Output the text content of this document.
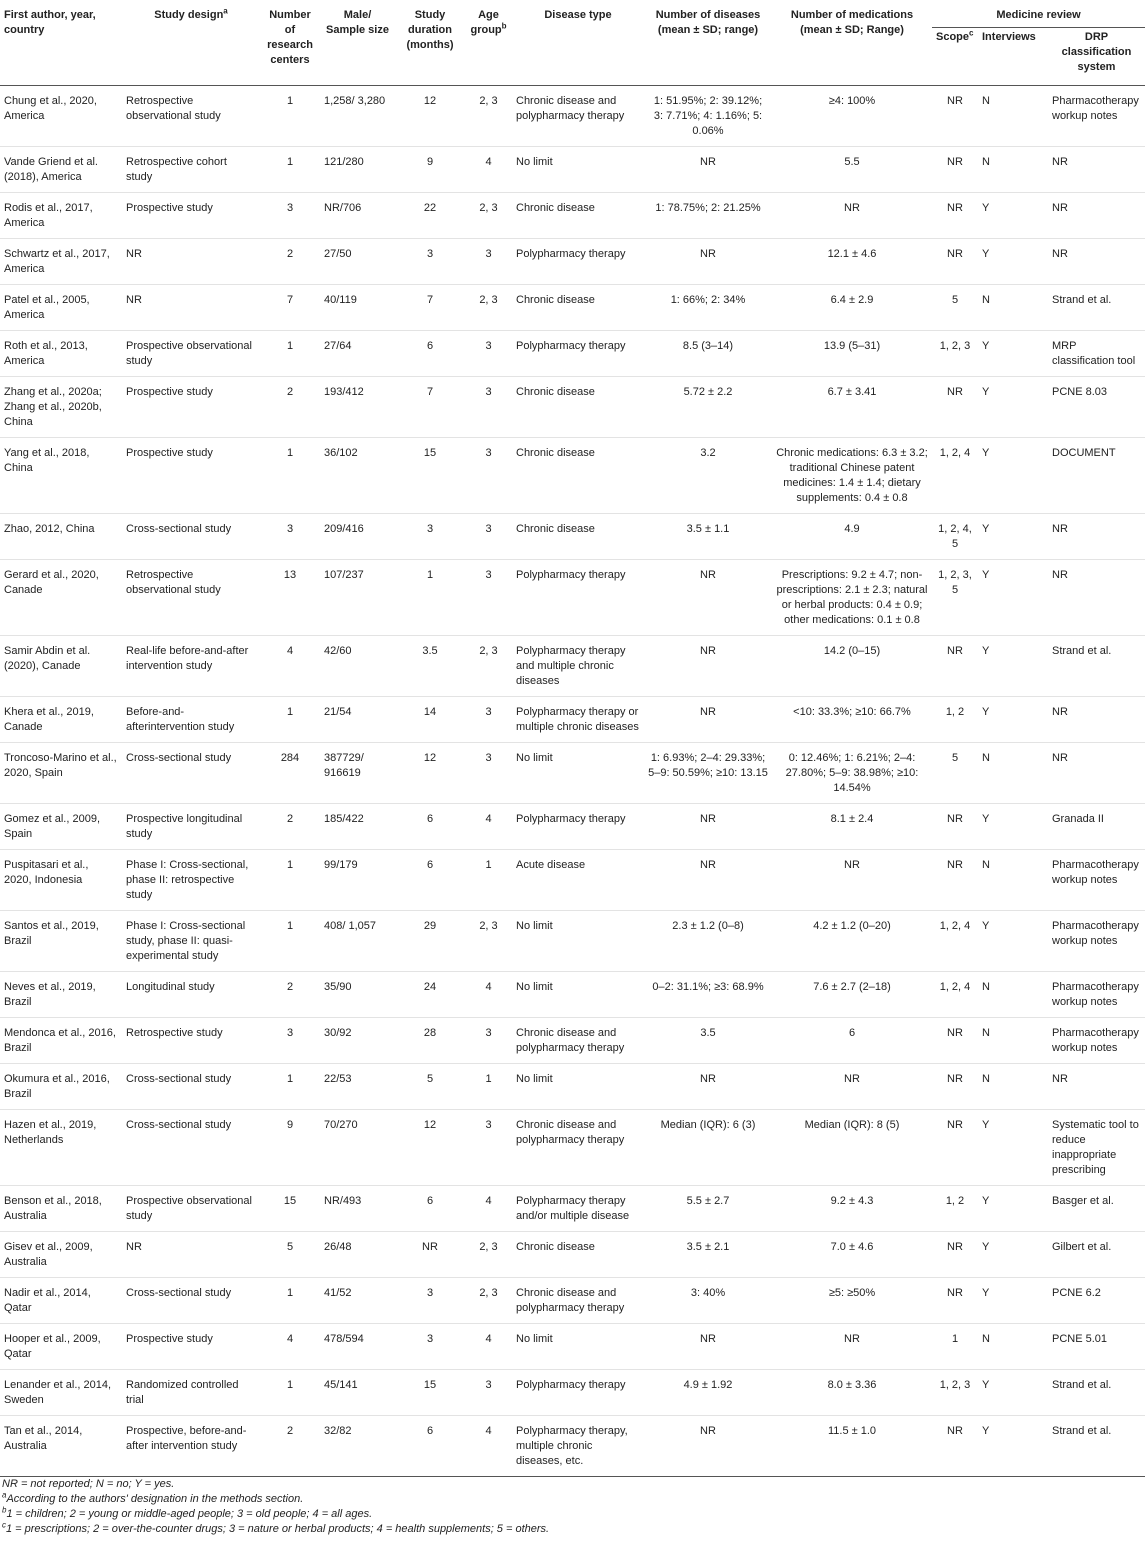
First author, year, country	Study design$^a$	Number of research centers	Male/ Sample size	Study duration (months)	Age group$^b$	Disease type	Number of diseases (mean ± SD; range)	Number of medications (mean ± SD; Range)	Medicine review		
									Scope$^c$	Interviews	DRP classification system
Chung et al., 2020, America	Retrospective observational study	1	1,258/ 3,280	12	2, 3	Chronic disease and polypharmacy therapy	1: 51.95%; 2: 39.12%; 3: 7.71%; 4: 1.16%; 5: 0.06%	≥4: 100%	NR	N	Pharmacotherapy workup notes
Vande Griend et al. (2018), America	Retrospective cohort study	1	121/280	9	4	No limit	NR	5.5	NR	N	NR
Rodis et al., 2017, America	Prospective study	3	NR/706	22	2, 3	Chronic disease	1: 78.75%; 2: 21.25%	NR	NR	Y	NR
Schwartz et al., 2017, America	NR	2	27/50	3	3	Polypharmacy therapy	NR	12.1 ± 4.6	NR	Y	NR
Patel et al., 2005, America	NR	7	40/119	7	2, 3	Chronic disease	1: 66%; 2: 34%	6.4 ± 2.9	5	N	Strand et al.
Roth et al., 2013, America	Prospective observational study	1	27/64	6	3	Polypharmacy therapy	8.5 (3–14)	13.9 (5–31)	1, 2, 3	Y	MRP classification tool
Zhang et al., 2020a; Zhang et al., 2020b, China	Prospective study	2	193/412	7	3	Chronic disease	5.72 ± 2.2	6.7 ± 3.41	NR	Y	PCNE 8.03
Yang et al., 2018, China	Prospective study	1	36/102	15	3	Chronic disease	3.2	Chronic medications: 6.3 ± 3.2; traditional Chinese patent medicines: 1.4 ± 1.4; dietary supplements: 0.4 ± 0.8	1, 2, 4	Y	DOCUMENT
Zhao, 2012, China	Cross-sectional study	3	209/416	3	3	Chronic disease	3.5 ± 1.1	4.9	1, 2, 4, 5	Y	NR
Gerard et al., 2020, Canade	Retrospective observational study	13	107/237	1	3	Polypharmacy therapy	NR	Prescriptions: 9.2 ± 4.7; non-prescriptions: 2.1 ± 2.3; natural or herbal products: 0.4 ± 0.9; other medications: 0.1 ± 0.8	1, 2, 3, 5	Y	NR
Samir Abdin et al. (2020), Canade	Real-life before-and-after intervention study	4	42/60	3.5	2, 3	Polypharmacy therapy and multiple chronic diseases	NR	14.2 (0–15)	NR	Y	Strand et al.
Khera et al., 2019, Canade	Before-and-afterintervention study	1	21/54	14	3	Polypharmacy therapy or multiple chronic diseases	NR	<10: 33.3%; ≥10: 66.7%	1, 2	Y	NR
Troncoso-Marino et al., 2020, Spain	Cross-sectional study	284	387729/ 916619	12	3	No limit	1: 6.93%; 2–4: 29.33%; 5–9: 50.59%; ≥10: 13.15	0: 12.46%; 1: 6.21%; 2–4: 27.80%; 5–9: 38.98%; ≥10: 14.54%	5	N	NR
Gomez et al., 2009, Spain	Prospective longitudinal study	2	185/422	6	4	Polypharmacy therapy	NR	8.1 ± 2.4	NR	Y	Granada II
Puspitasari et al., 2020, Indonesia	Phase I: Cross-sectional, phase II: retrospective study	1	99/179	6	1	Acute disease	NR	NR	NR	N	Pharmacotherapy workup notes
Santos et al., 2019, Brazil	Phase I: Cross-sectional study, phase II: quasi-experimental study	1	408/ 1,057	29	2, 3	No limit	2.3 ± 1.2 (0–8)	4.2 ± 1.2 (0–20)	1, 2, 4	Y	Pharmacotherapy workup notes
Neves et al., 2019, Brazil	Longitudinal study	2	35/90	24	4	No limit	0–2: 31.1%; ≥3: 68.9%	7.6 ± 2.7 (2–18)	1, 2, 4	N	Pharmacotherapy workup notes
Mendonca et al., 2016, Brazil	Retrospective study	3	30/92	28	3	Chronic disease and polypharmacy therapy	3.5	6	NR	N	Pharmacotherapy workup notes
Okumura et al., 2016, Brazil	Cross-sectional study	1	22/53	5	1	No limit	NR	NR	NR	N	NR
Hazen et al., 2019, Netherlands	Cross-sectional study	9	70/270	12	3	Chronic disease and polypharmacy therapy	Median (IQR): 6 (3)	Median (IQR): 8 (5)	NR	Y	Systematic tool to reduce inappropriate prescribing
Benson et al., 2018, Australia	Prospective observational study	15	NR/493	6	4	Polypharmacy therapy and/or multiple disease	5.5 ± 2.7	9.2 ± 4.3	1, 2	Y	Basger et al.
Gisev et al., 2009, Australia	NR	5	26/48	NR	2, 3	Chronic disease	3.5 ± 2.1	7.0 ± 4.6	NR	Y	Gilbert et al.
Nadir et al., 2014, Qatar	Cross-sectional study	1	41/52	3	2, 3	Chronic disease and polypharmacy therapy	3: 40%	≥5: ≥50%	NR	Y	PCNE 6.2
Hooper et al., 2009, Qatar	Prospective study	4	478/594	3	4	No limit	NR	NR	1	N	PCNE 5.01
Lenander et al., 2014, Sweden	Randomized controlled trial	1	45/141	15	3	Polypharmacy therapy	4.9 ± 1.92	8.0 ± 3.36	1, 2, 3	Y	Strand et al.
Tan et al., 2014, Australia	Prospective, before-and-after intervention study	2	32/82	6	4	Polypharmacy therapy, multiple chronic diseases, etc.	NR	11.5 ± 1.0	NR	Y	Strand et al.
NR = not reported; N = no; Y = yes.
$^a$According to the authors' designation in the methods section.
$^b$1 = children; 2 = young or middle-aged people; 3 = old people; 4 = all ages.
$^c$1 = prescriptions; 2 = over-the-counter drugs; 3 = nature or herbal products; 4 = health supplements; 5 = others.
